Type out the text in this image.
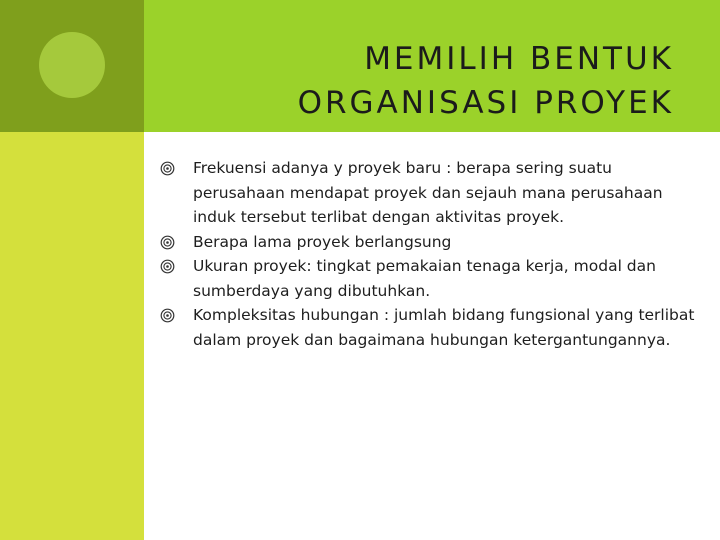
MEMILIH BENTUK
ORGANISASI PROYEK
Frekuensi adanya y proyek baru : berapa sering suatu perusahaan mendapat proyek dan sejauh mana perusahaan induk tersebut terlibat dengan aktivitas proyek.
Berapa lama proyek berlangsung
Ukuran proyek: tingkat pemakaian tenaga kerja, modal dan sumberdaya yang dibutuhkan.
Kompleksitas hubungan : jumlah bidang fungsional yang terlibat dalam proyek dan bagaimana hubungan ketergantungannya.
